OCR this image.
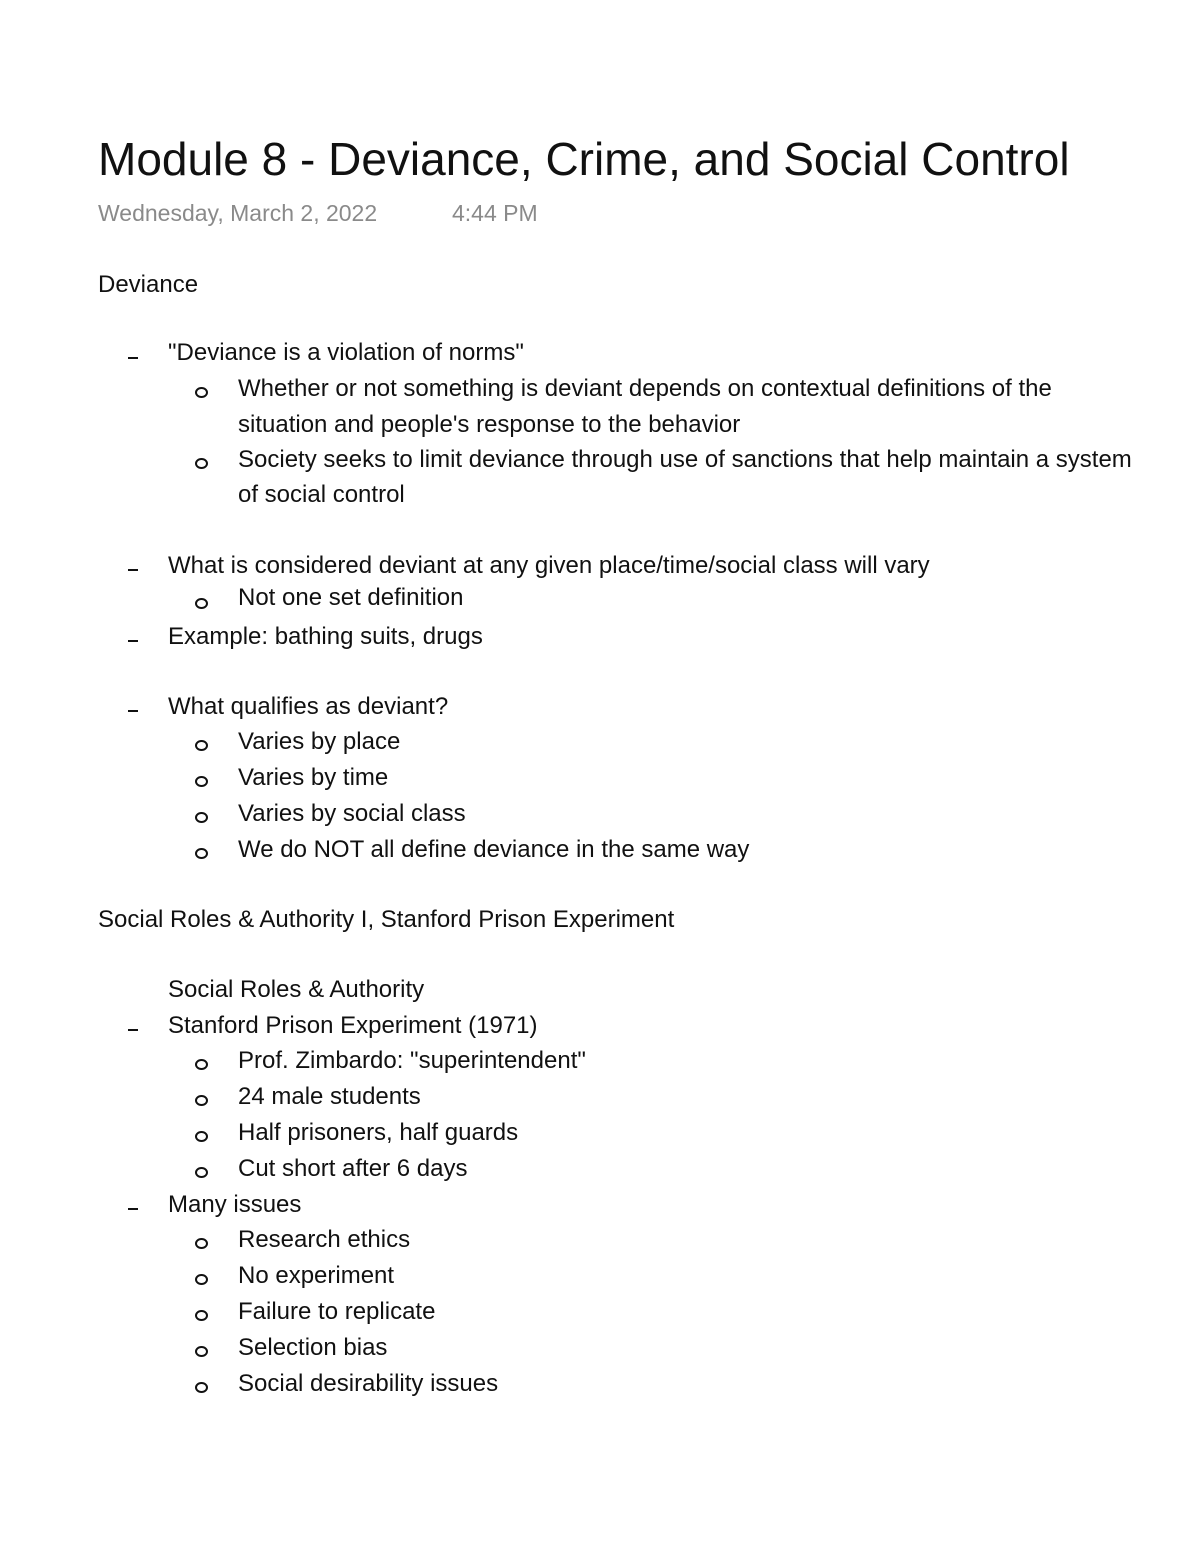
Module 8 - Deviance, Crime, and Social Control
Wednesday, March 2, 2022	4:44 PM
Deviance
"Deviance is a violation of norms"
Whether or not something is deviant depends on contextual definitions of the
situation and people's response to the behavior
Society seeks to limit deviance through use of sanctions that help maintain a system
of social control
What is considered deviant at any given place/time/social class will vary
Not one set definition
Example: bathing suits, drugs
What qualifies as deviant?
Varies by place
Varies by time
Varies by social class
We do NOT all define deviance in the same way
Social Roles & Authority I, Stanford Prison Experiment
Social Roles & Authority
Stanford Prison Experiment (1971)
Prof. Zimbardo: "superintendent"
24 male students
Half prisoners, half guards
Cut short after 6 days
Many issues
Research ethics
No experiment
Failure to replicate
Selection bias
Social desirability issues
